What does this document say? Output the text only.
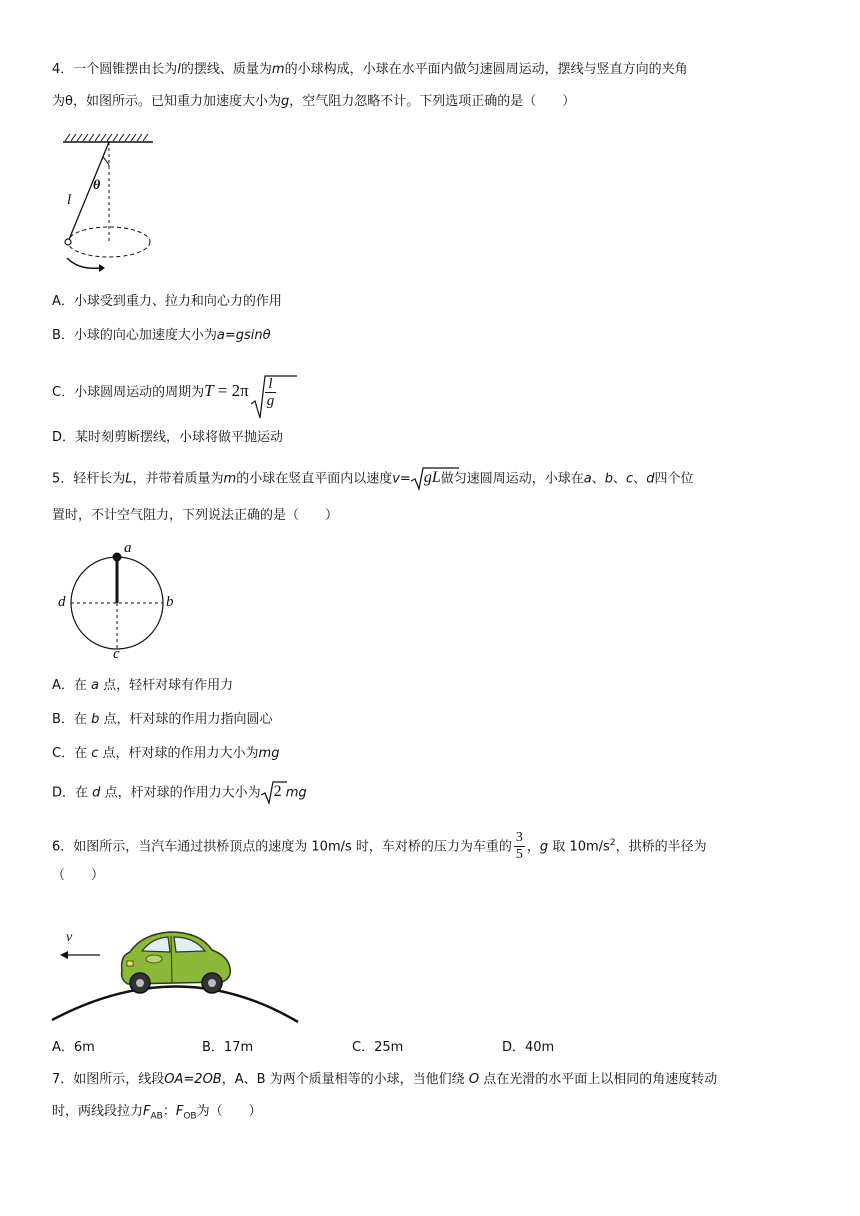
4．一个圆锥摆由长为l的摆线、质量为m的小球构成，小球在水平面内做匀速圆周运动，摆线与竖直方向的夹角
为θ，如图所示。已知重力加速度大小为g，空气阻力忽略不计。下列选项正确的是（　　）
θ
l
A．小球受到重力、拉力和向心力的作用
B．小球的向心加速度大小为a=gsinθ
C．小球圆周运动的周期为$T = 2\pi \frac{l}{g}$
D．某时刻剪断摆线，小球将做平抛运动
5．轻杆长为L，并带着质量为m的小球在竖直平面内以速度v= gL做匀速圆周运动，小球在a、b、c、d四个位
置时，不计空气阻力，下列说法正确的是（　　）
a
b
c
d
A．在 a 点，轻杆对球有作用力
B．在 b 点，杆对球的作用力指向圆心
C．在 c 点，杆对球的作用力大小为mg
D．在 d 点，杆对球的作用力大小为 2 mg
6．如图所示，当汽车通过拱桥顶点的速度为 10m/s 时，车对桥的压力为车重的 $\frac{3}{5}$ ，g 取 $10m/s^2$，拱桥的半径为
（　　）
v
A．6m	B．17m	C．25m	D．40m
7．如图所示，线段OA=2OB，A、B 为两个质量相等的小球，当他们绕 O 点在光滑的水平面上以相同的角速度转动
时，两线段拉力$F_{AB}$：$F_{OB}$为（　　）
